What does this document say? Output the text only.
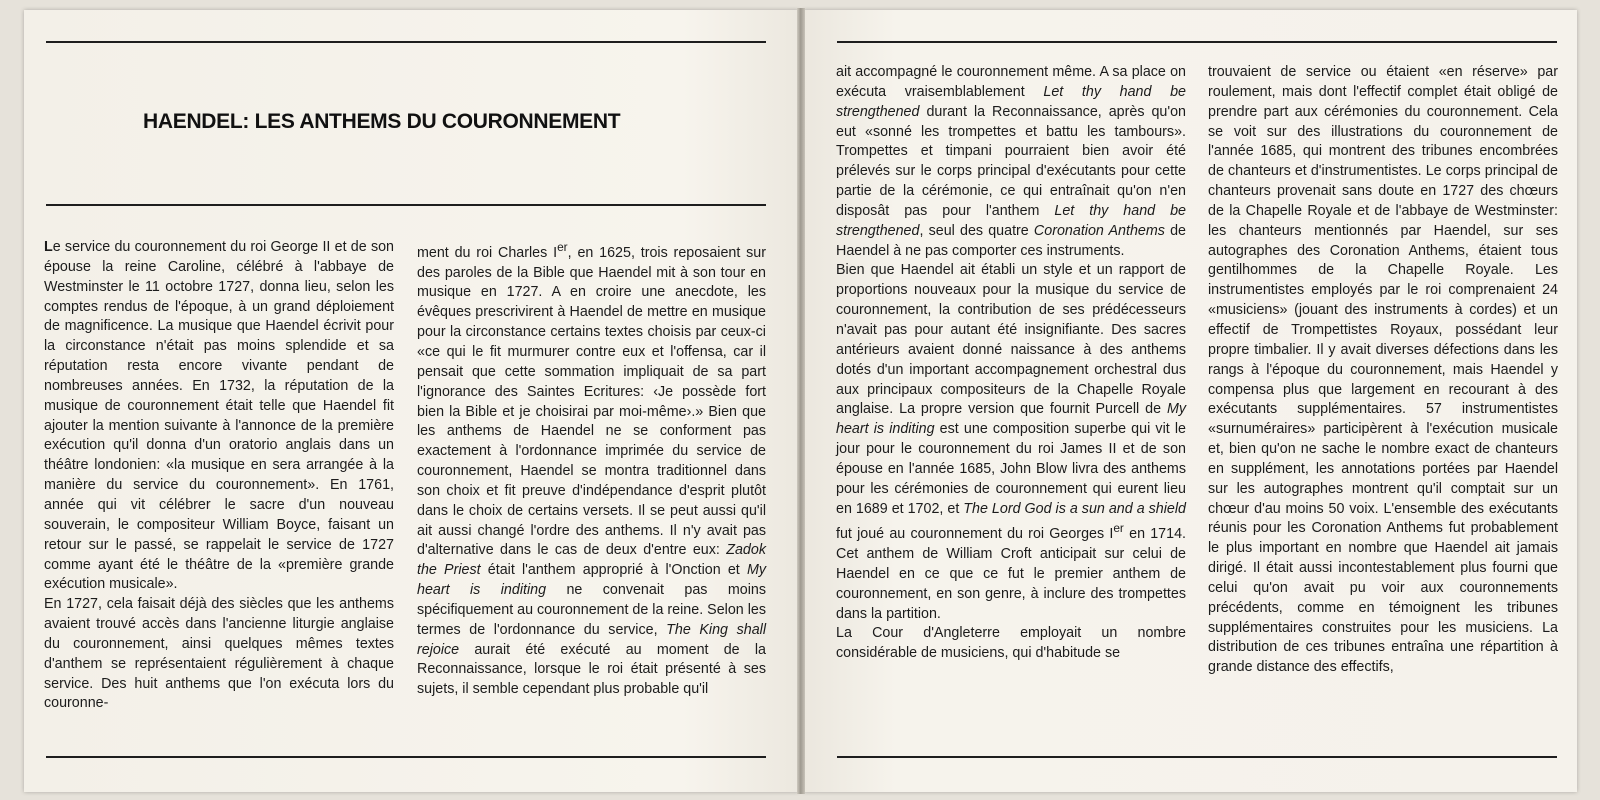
HAENDEL: LES ANTHEMS DU COURONNEMENT

Le service du couronnement du roi George II et de son épouse la reine Caroline, célébré à l'abbaye de Westminster le 11 octobre 1727, donna lieu, selon les comptes rendus de l'époque, à un grand déploiement de magnificence. La musique que Haendel écrivit pour la circonstance n'était pas moins splendide et sa réputation resta encore vivante pendant de nombreuses années. En 1732, la réputation de la musique de couronnement était telle que Haendel fit ajouter la mention suivante à l'annonce de la première exécution qu'il donna d'un oratorio anglais dans un théâtre londonien: «la musique en sera arrangée à la manière du service du couronnement». En 1761, année qui vit célébrer le sacre d'un nouveau souverain, le compositeur William Boyce, faisant un retour sur le passé, se rappelait le service de 1727 comme ayant été le théâtre de la «première grande exécution musicale».

En 1727, cela faisait déjà des siècles que les anthems avaient trouvé accès dans l'ancienne liturgie anglaise du couronnement, ainsi quelques mêmes textes d'anthem se représentaient régulièrement à chaque service. Des huit anthems que l'on exécuta lors du couronne-

ment du roi Charles Ier, en 1625, trois reposaient sur des paroles de la Bible que Haendel mit à son tour en musique en 1727. A en croire une anecdote, les évêques prescrivirent à Haendel de mettre en musique pour la circonstance certains textes choisis par ceux-ci «ce qui le fit murmurer contre eux et l'offensa, car il pensait que cette sommation impliquait de sa part l'ignorance des Saintes Ecritures: ‹Je possède fort bien la Bible et je choisirai par moi-même›.» Bien que les anthems de Haendel ne se conforment pas exactement à l'ordonnance imprimée du service de couronnement, Haendel se montra traditionnel dans son choix et fit preuve d'indépendance d'esprit plutôt dans le choix de certains versets. Il se peut aussi qu'il ait aussi changé l'ordre des anthems. Il n'y avait pas d'alternative dans le cas de deux d'entre eux: Zadok the Priest était l'anthem approprié à l'Onction et My heart is inditing ne convenait pas moins spécifiquement au couronnement de la reine. Selon les termes de l'ordonnance du service, The King shall rejoice aurait été exécuté au moment de la Reconnaissance, lorsque le roi était présenté à ses sujets, il semble cependant plus probable qu'il

ait accompagné le couronnement même. A sa place on exécuta vraisemblablement Let thy hand be strengthened durant la Reconnaissance, après qu'on eut «sonné les trompettes et battu les tambours». Trompettes et timpani pourraient bien avoir été prélevés sur le corps principal d'exécutants pour cette partie de la cérémonie, ce qui entraînait qu'on n'en disposât pas pour l'anthem Let thy hand be strengthened, seul des quatre Coronation Anthems de Haendel à ne pas comporter ces instruments.

Bien que Haendel ait établi un style et un rapport de proportions nouveaux pour la musique du service de couronnement, la contribution de ses prédécesseurs n'avait pas pour autant été insignifiante. Des sacres antérieurs avaient donné naissance à des anthems dotés d'un important accompagnement orchestral dus aux principaux compositeurs de la Chapelle Royale anglaise. La propre version que fournit Purcell de My heart is inditing est une composition superbe qui vit le jour pour le couronnement du roi James II et de son épouse en l'année 1685, John Blow livra des anthems pour les cérémonies de couronnement qui eurent lieu en 1689 et 1702, et The Lord God is a sun and a shield fut joué au couronnement du roi Georges Ier en 1714. Cet anthem de William Croft anticipait sur celui de Haendel en ce que ce fut le premier anthem de couronnement, en son genre, à inclure des trompettes dans la partition.

La Cour d'Angleterre employait un nombre considérable de musiciens, qui d'habitude se

trouvaient de service ou étaient «en réserve» par roulement, mais dont l'effectif complet était obligé de prendre part aux cérémonies du couronnement. Cela se voit sur des illustrations du couronnement de l'année 1685, qui montrent des tribunes encombrées de chanteurs et d'instrumentistes. Le corps principal de chanteurs provenait sans doute en 1727 des chœurs de la Chapelle Royale et de l'abbaye de Westminster: les chanteurs mentionnés par Haendel, sur ses autographes des Coronation Anthems, étaient tous gentilhommes de la Chapelle Royale. Les instrumentistes employés par le roi comprenaient 24 «musiciens» (jouant des instruments à cordes) et un effectif de Trompettistes Royaux, possédant leur propre timbalier. Il y avait diverses défections dans les rangs à l'époque du couronnement, mais Haendel y compensa plus que largement en recourant à des exécutants supplémentaires. 57 instrumentistes «surnuméraires» participèrent à l'exécution musicale et, bien qu'on ne sache le nombre exact de chanteurs en supplément, les annotations portées par Haendel sur les autographes montrent qu'il comptait sur un chœur d'au moins 50 voix. L'ensemble des exécutants réunis pour les Coronation Anthems fut probablement le plus important en nombre que Haendel ait jamais dirigé. Il était aussi incontestablement plus fourni que celui qu'on avait pu voir aux couronnements précédents, comme en témoignent les tribunes supplémentaires construites pour les musiciens. La distribution de ces tribunes entraîna une répartition à grande distance des effectifs,
